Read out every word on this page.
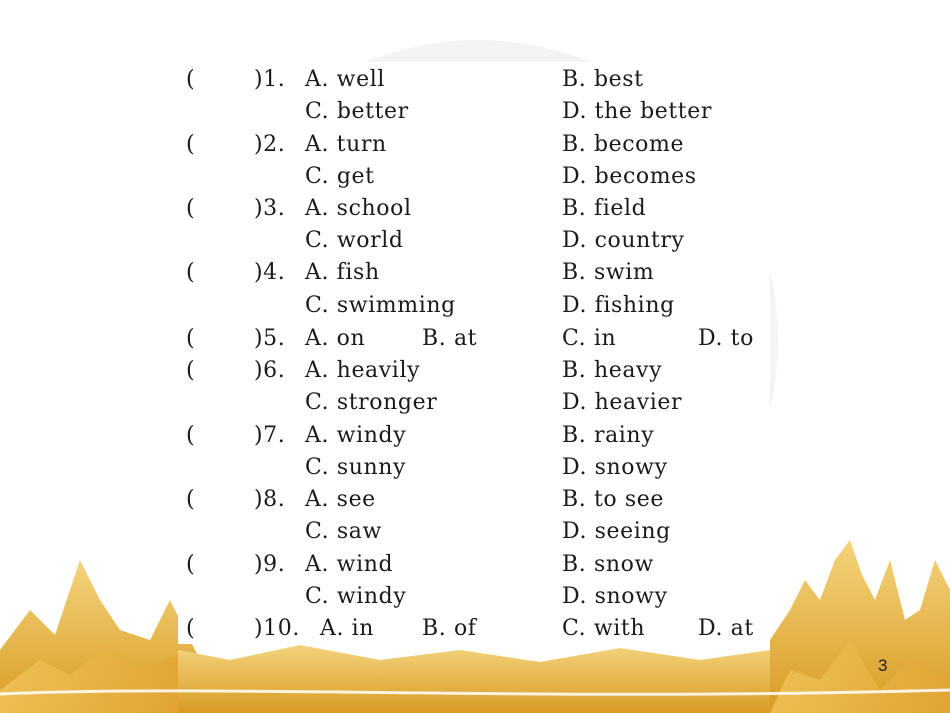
(	)1. A. well	B. best
C. better	D. the better
(	)2. A. turn	B. become
C. get	D. becomes
(	)3. A. school	B. field
C. world	D. country
(	)4. A. fish	B. swim
C. swimming	D. fishing
(	)5. A. on	B. at	C. in	D. to
(	)6. A. heavily	B. heavy
C. stronger	D. heavier
(	)7. A. windy	B. rainy
C. sunny	D. snowy
(	)8. A. see	B. to see
C. saw	D. seeing
(	)9. A. wind	B. snow
C. windy	D. snowy
(	)10. A. in B. of	C. with D. at
3
